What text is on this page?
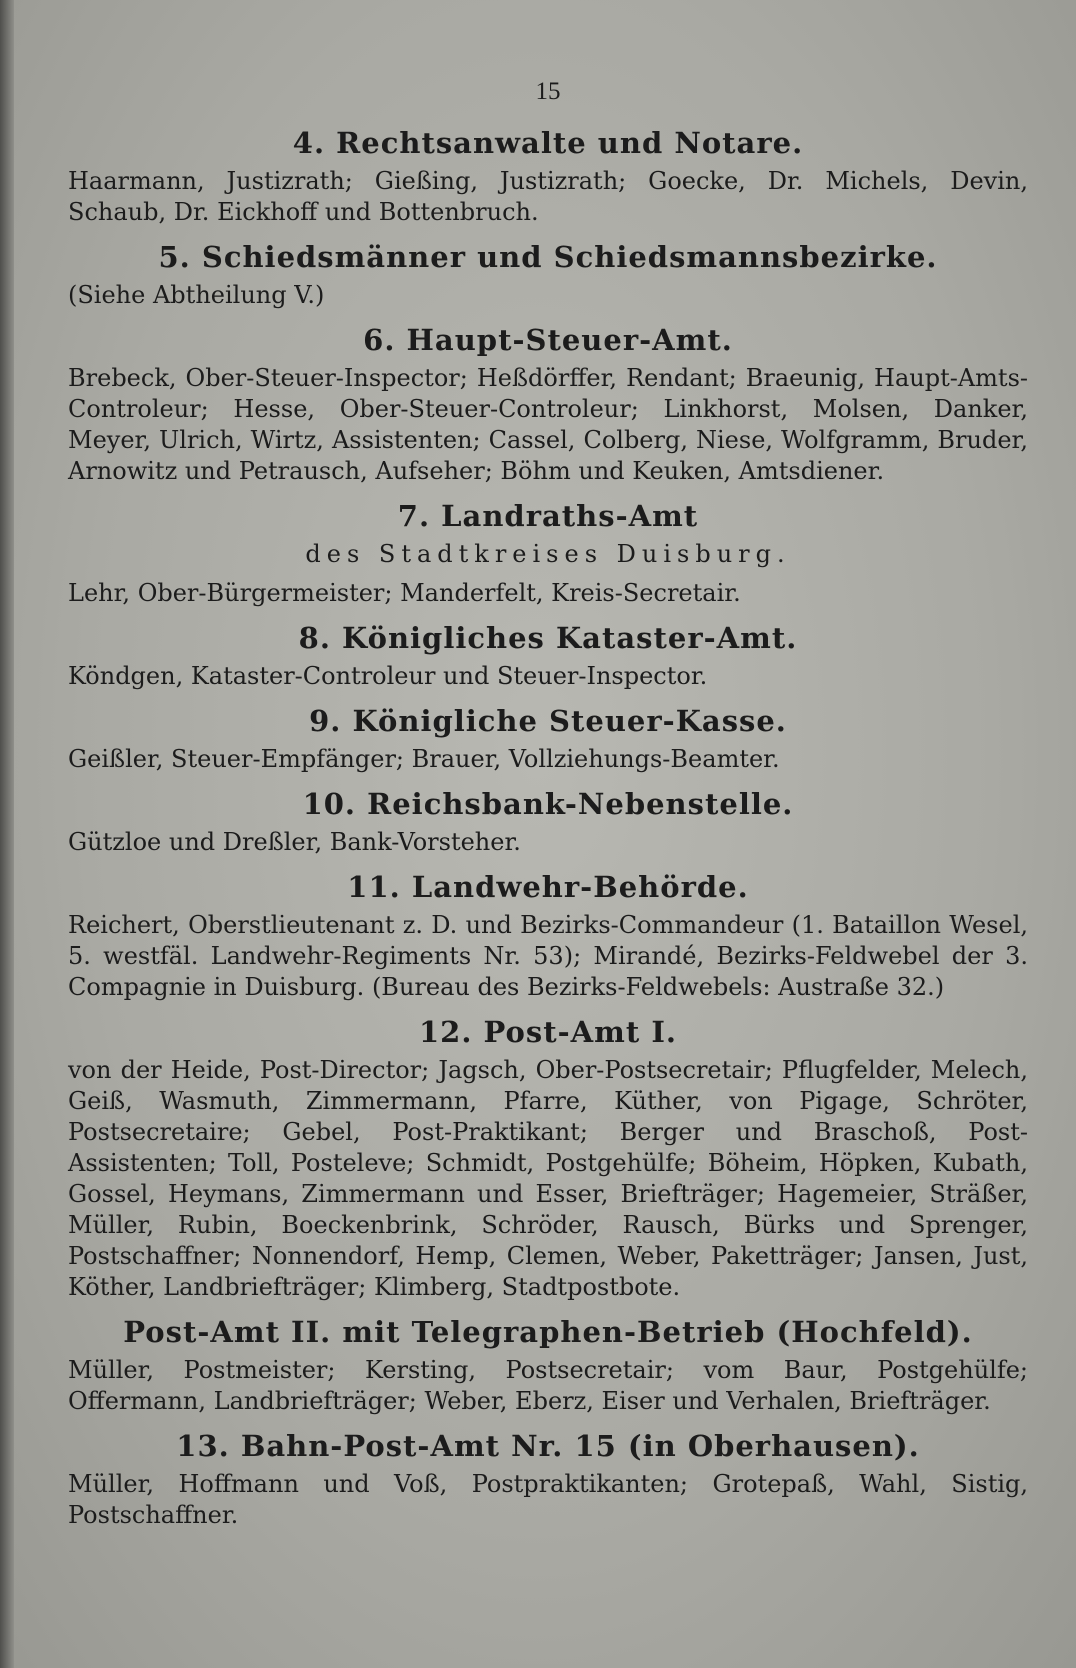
15
4. Rechtsanwalte und Notare.

Haarmann, Justizrath; Gießing, Justizrath; Goecke, Dr. Michels, Devin, Schaub, Dr. Eickhoff und Bottenbruch.

5. Schiedsmänner und Schiedsmannsbezirke.

(Siehe Abtheilung V.)

6. Haupt-Steuer-Amt.

Brebeck, Ober-Steuer-Inspector; Heßdörffer, Rendant; Braeunig, Haupt-Amts-Controleur; Hesse, Ober-Steuer-Controleur; Linkhorst, Molsen, Danker, Meyer, Ulrich, Wirtz, Assistenten; Cassel, Colberg, Niese, Wolfgramm, Bruder, Arnowitz und Petrausch, Aufseher; Böhm und Keuken, Amtsdiener.

7. Landraths-Amt

des Stadtkreises Duisburg.

Lehr, Ober-Bürgermeister; Manderfelt, Kreis-Secretair.

8. Königliches Kataster-Amt.

Köndgen, Kataster-Controleur und Steuer-Inspector.

9. Königliche Steuer-Kasse.

Geißler, Steuer-Empfänger; Brauer, Vollziehungs-Beamter.

10. Reichsbank-Nebenstelle.

Gützloe und Dreßler, Bank-Vorsteher.

11. Landwehr-Behörde.

Reichert, Oberstlieutenant z. D. und Bezirks-Commandeur (1. Bataillon Wesel, 5. westfäl. Landwehr-Regiments Nr. 53); Mirandé, Bezirks-Feldwebel der 3. Compagnie in Duisburg. (Bureau des Bezirks-Feldwebels: Austraße 32.)

12. Post-Amt I.

von der Heide, Post-Director; Jagsch, Ober-Postsecretair; Pflugfelder, Melech, Geiß, Wasmuth, Zimmermann, Pfarre, Küther, von Pigage, Schröter, Postsecretaire; Gebel, Post-Praktikant; Berger und Braschoß, Post-Assistenten; Toll, Posteleve; Schmidt, Postgehülfe; Böheim, Höpken, Kubath, Gossel, Heymans, Zimmermann und Esser, Briefträger; Hagemeier, Sträßer, Müller, Rubin, Boeckenbrink, Schröder, Rausch, Bürks und Sprenger, Postschaffner; Nonnendorf, Hemp, Clemen, Weber, Paketträger; Jansen, Just, Köther, Landbriefträger; Klimberg, Stadtpostbote.

Post-Amt II. mit Telegraphen-Betrieb (Hochfeld).

Müller, Postmeister; Kersting, Postsecretair; vom Baur, Postgehülfe; Offermann, Landbriefträger; Weber, Eberz, Eiser und Verhalen, Briefträger.

13. Bahn-Post-Amt Nr. 15 (in Oberhausen).

Müller, Hoffmann und Voß, Postpraktikanten; Grotepaß, Wahl, Sistig, Postschaffner.
